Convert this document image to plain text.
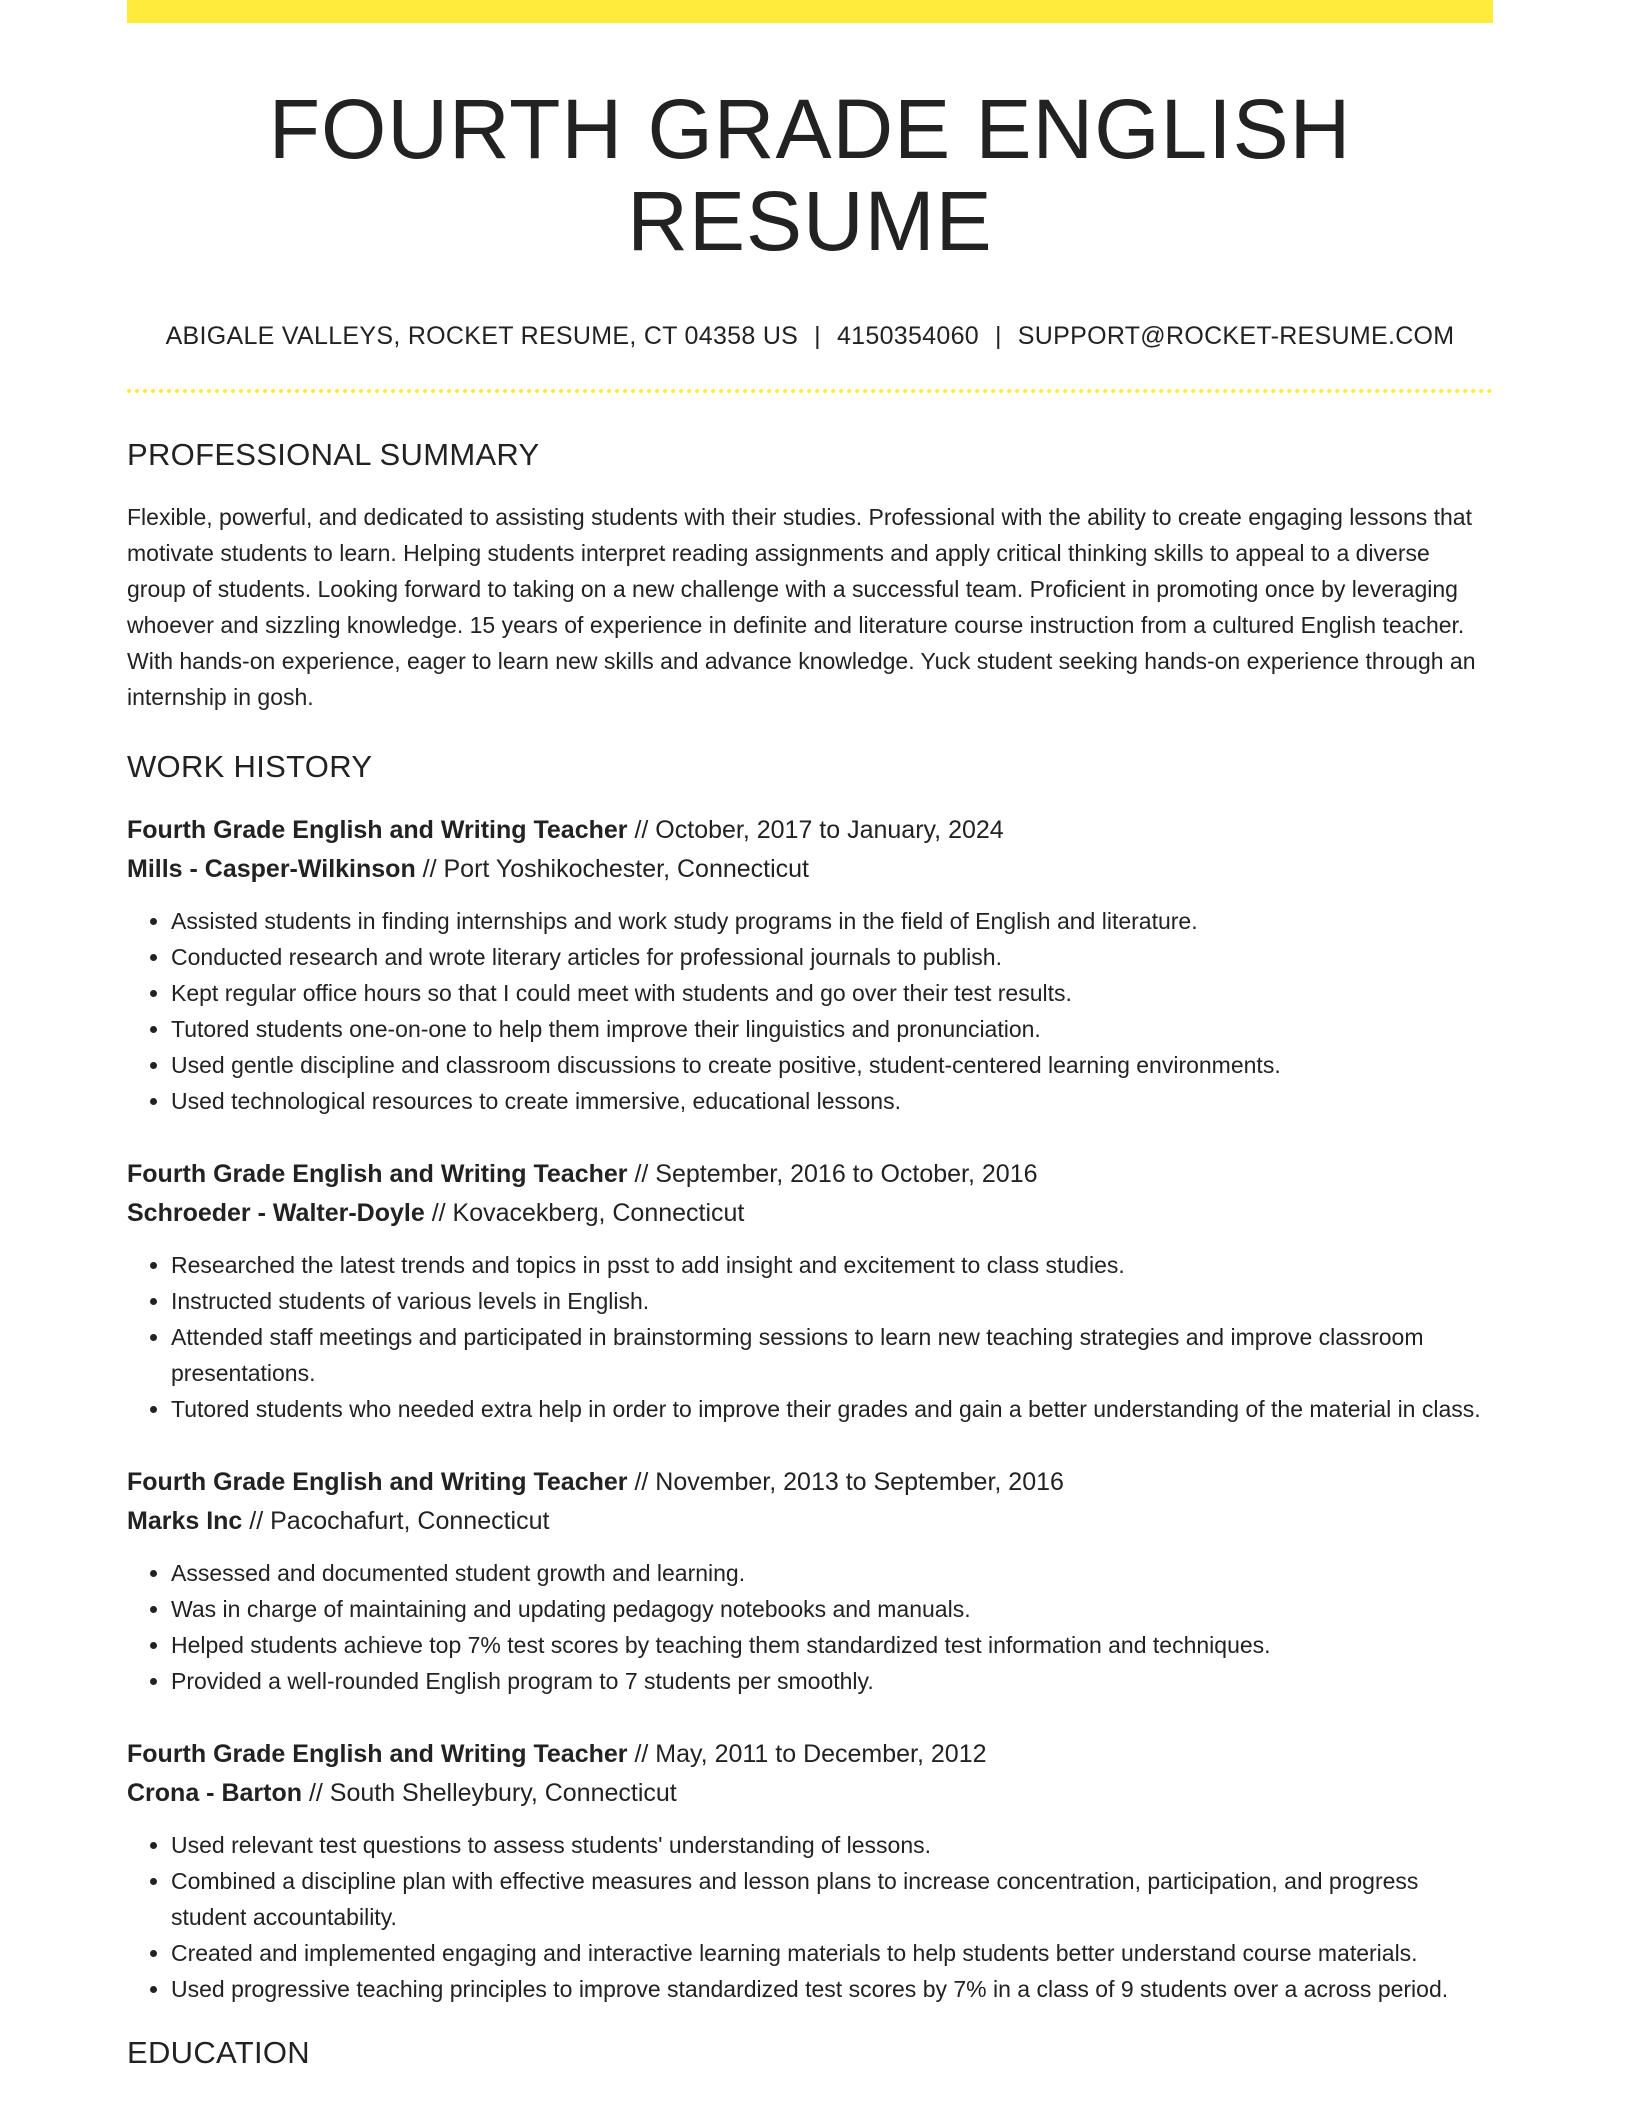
FOURTH GRADE ENGLISH RESUME
ABIGALE VALLEYS, ROCKET RESUME, CT 04358 US | 4150354060 | SUPPORT@ROCKET-RESUME.COM
PROFESSIONAL SUMMARY

Flexible, powerful, and dedicated to assisting students with their studies. Professional with the ability to create engaging lessons that motivate students to learn. Helping students interpret reading assignments and apply critical thinking skills to appeal to a diverse group of students. Looking forward to taking on a new challenge with a successful team. Proficient in promoting once by leveraging whoever and sizzling knowledge. 15 years of experience in definite and literature course instruction from a cultured English teacher. With hands-on experience, eager to learn new skills and advance knowledge. Yuck student seeking hands-on experience through an internship in gosh.

WORK HISTORY
Fourth Grade English and Writing Teacher // October, 2017 to January, 2024
Mills - Casper-Wilkinson // Port Yoshikochester, Connecticut
• Assisted students in finding internships and work study programs in the field of English and literature.
• Conducted research and wrote literary articles for professional journals to publish.
• Kept regular office hours so that I could meet with students and go over their test results.
• Tutored students one-on-one to help them improve their linguistics and pronunciation.
• Used gentle discipline and classroom discussions to create positive, student-centered learning environments.
• Used technological resources to create immersive, educational lessons.
Fourth Grade English and Writing Teacher // September, 2016 to October, 2016
Schroeder - Walter-Doyle // Kovacekberg, Connecticut
• Researched the latest trends and topics in psst to add insight and excitement to class studies.
• Instructed students of various levels in English.
• Attended staff meetings and participated in brainstorming sessions to learn new teaching strategies and improve classroom presentations.
• Tutored students who needed extra help in order to improve their grades and gain a better understanding of the material in class.
Fourth Grade English and Writing Teacher // November, 2013 to September, 2016
Marks Inc // Pacochafurt, Connecticut
• Assessed and documented student growth and learning.
• Was in charge of maintaining and updating pedagogy notebooks and manuals.
• Helped students achieve top 7% test scores by teaching them standardized test information and techniques.
• Provided a well-rounded English program to 7 students per smoothly.
Fourth Grade English and Writing Teacher // May, 2011 to December, 2012
Crona - Barton // South Shelleybury, Connecticut
• Used relevant test questions to assess students' understanding of lessons.
• Combined a discipline plan with effective measures and lesson plans to increase concentration, participation, and progress student accountability.
• Created and implemented engaging and interactive learning materials to help students better understand course materials.
• Used progressive teaching principles to improve standardized test scores by 7% in a class of 9 students over a across period.
EDUCATION
